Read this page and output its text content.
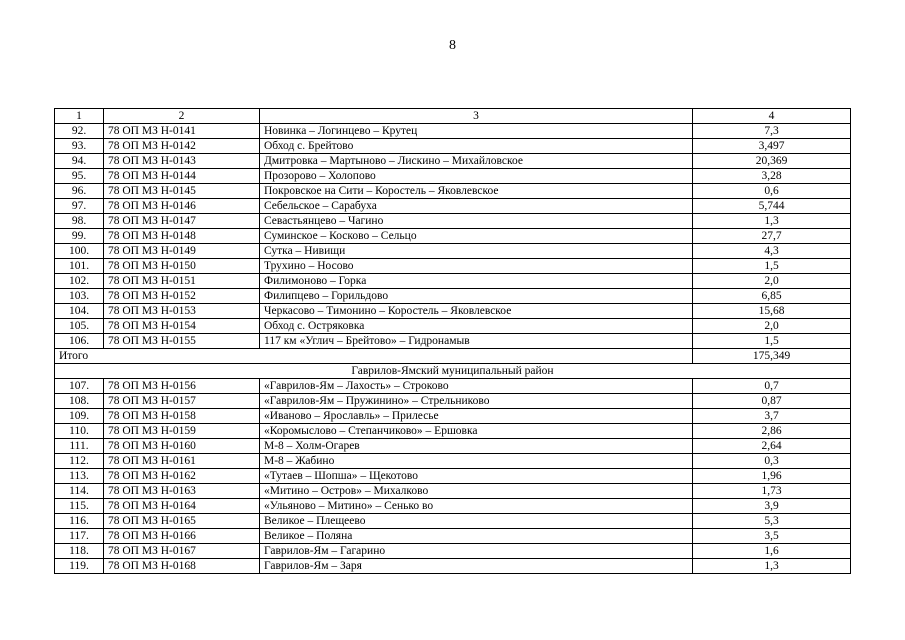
8
1	2	3	4
92.	78 ОП МЗ Н-0141	Новинка – Логинцево – Крутец	7,3
93.	78 ОП МЗ Н-0142	Обход с. Брейтово	3,497
94.	78 ОП МЗ Н-0143	Дмитровка – Мартыново – Лискино – Михайловское	20,369
95.	78 ОП МЗ Н-0144	Прозорово – Холопово	3,28
96.	78 ОП МЗ Н-0145	Покровское на Сити – Коростель – Яковлевское	0,6
97.	78 ОП МЗ Н-0146	Себельское – Сарабуха	5,744
98.	78 ОП МЗ Н-0147	Севастьянцево – Чагино	1,3
99.	78 ОП МЗ Н-0148	Суминское – Косково – Сельцо	27,7
100.	78 ОП МЗ Н-0149	Сутка – Нивищи	4,3
101.	78 ОП МЗ Н-0150	Трухино – Носово	1,5
102.	78 ОП МЗ Н-0151	Филимоново – Горка	2,0
103.	78 ОП МЗ Н-0152	Филипцево – Горильдово	6,85
104.	78 ОП МЗ Н-0153	Черкасово – Тимонино – Коростель – Яковлевское	15,68
105.	78 ОП МЗ Н-0154	Обход с. Остряковка	2,0
106.	78 ОП МЗ Н-0155	117 км «Углич – Брейтово» – Гидронамыв	1,5
Итого			175,349
Гаврилов-Ямский муниципальный район			
107.	78 ОП МЗ Н-0156	«Гаврилов-Ям – Лахость» – Строково	0,7
108.	78 ОП МЗ Н-0157	«Гаврилов-Ям – Пружинино» – Стрельниково	0,87
109.	78 ОП МЗ Н-0158	«Иваново – Ярославль» – Прилесье	3,7
110.	78 ОП МЗ Н-0159	«Коромыслово – Степанчиково» – Ершовка	2,86
111.	78 ОП МЗ Н-0160	М-8 – Холм-Огарев	2,64
112.	78 ОП МЗ Н-0161	М-8 – Жабино	0,3
113.	78 ОП МЗ Н-0162	«Тутаев – Шопша» – Щекотово	1,96
114.	78 ОП МЗ Н-0163	«Митино – Остров» – Михалково	1,73
115.	78 ОП МЗ Н-0164	«Ульяново – Митино» – Сенько во	3,9
116.	78 ОП МЗ Н-0165	Великое – Плещеево	5,3
117.	78 ОП МЗ Н-0166	Великое – Поляна	3,5
118.	78 ОП МЗ Н-0167	Гаврилов-Ям – Гагарино	1,6
119.	78 ОП МЗ Н-0168	Гаврилов-Ям – Заря	1,3
